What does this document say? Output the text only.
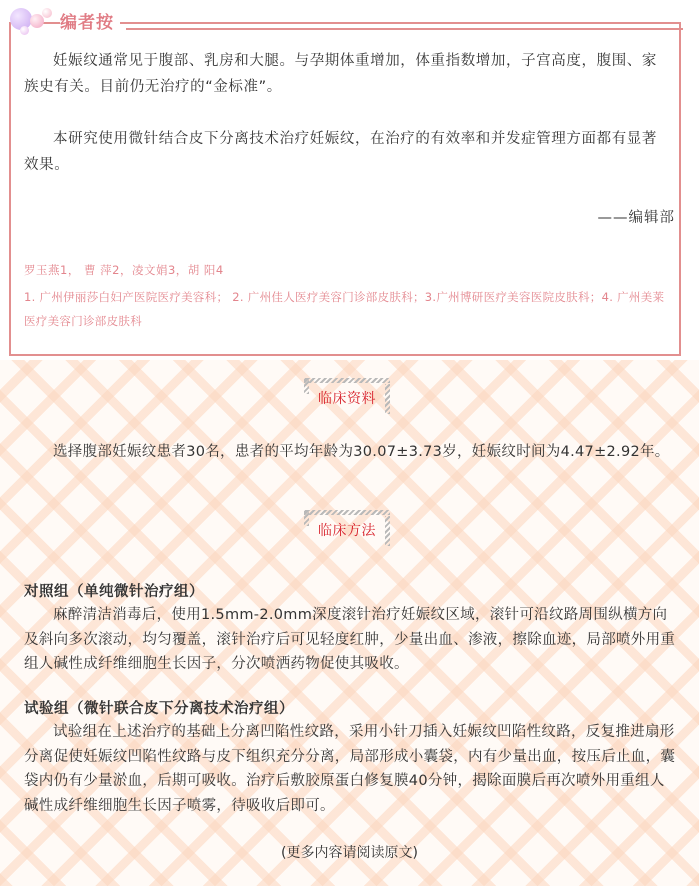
编者按

妊娠纹通常见于腹部、乳房和大腿。与孕期体重增加，体重指数增加，子宫高度，腹围、家族史有关。目前仍无治疗的“金标准”。

本研究使用微针结合皮下分离技术治疗妊娠纹，在治疗的有效率和并发症管理方面都有显著效果。

——编辑部
罗玉燕1， 曹 萍2，凌文娟3，胡 阳4

1. 广州伊丽莎白妇产医院医疗美容科； 2. 广州佳人医疗美容门诊部皮肤科；3.广州博研医疗美容医院皮肤科；4. 广州美莱医疗美容门诊部皮肤科

临床资料

选择腹部妊娠纹患者30名，患者的平均年龄为30.07±3.73岁，妊娠纹时间为4.47±2.92年。

临床方法
对照组（单纯微针治疗组）

麻醉清洁消毒后，使用1.5mm-2.0mm深度滚针治疗妊娠纹区域，滚针可沿纹路周围纵横方向及斜向多次滚动，均匀覆盖，滚针治疗后可见轻度红肿，少量出血、渗液，擦除血迹，局部喷外用重组人碱性成纤维细胞生长因子，分次喷洒药物促使其吸收。

试验组（微针联合皮下分离技术治疗组）

试验组在上述治疗的基础上分离凹陷性纹路，采用小针刀插入妊娠纹凹陷性纹路，反复推进扇形分离促使妊娠纹凹陷性纹路与皮下组织充分分离，局部形成小囊袋，内有少量出血，按压后止血，囊袋内仍有少量淤血，后期可吸收。治疗后敷胶原蛋白修复膜40分钟，揭除面膜后再次喷外用重组人碱性成纤维细胞生长因子喷雾，待吸收后即可。

(更多内容请阅读原文)
